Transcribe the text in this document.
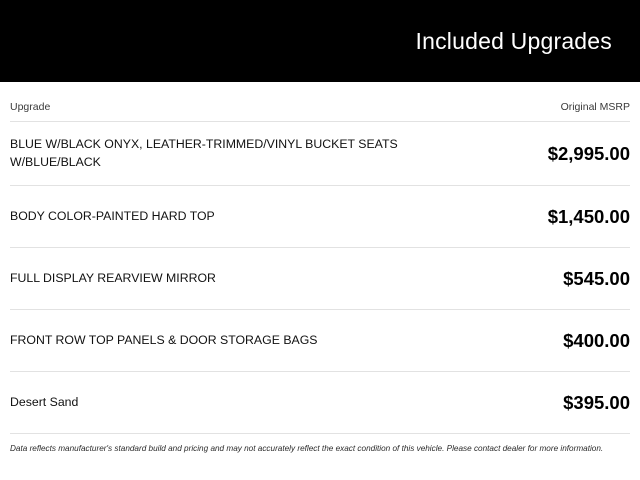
Included Upgrades
Upgrade	Original MSRP
BLUE W/BLACK ONYX, LEATHER-TRIMMED/VINYL BUCKET SEATS W/BLUE/BLACK	$2,995.00
BODY COLOR-PAINTED HARD TOP	$1,450.00
FULL DISPLAY REARVIEW MIRROR	$545.00
FRONT ROW TOP PANELS & DOOR STORAGE BAGS	$400.00
Desert Sand	$395.00
Data reflects manufacturer's standard build and pricing and may not accurately reflect the exact condition of this vehicle. Please contact dealer for more information.
